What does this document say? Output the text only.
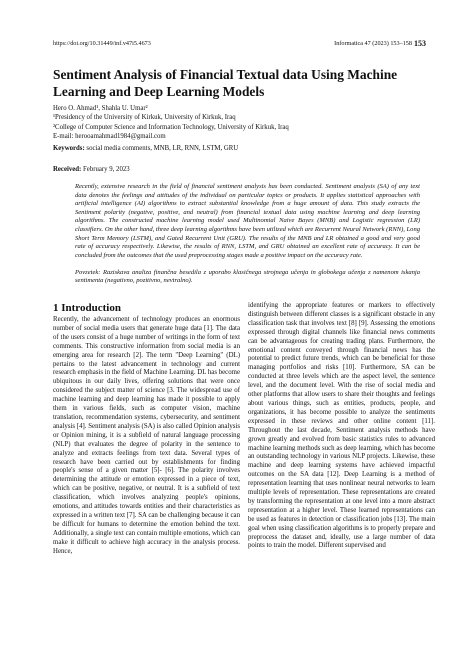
https://doi.org/10.31449/inf.v47i5.4673	Informatica 47 (2023) 153–158 153
Sentiment Analysis of Financial Textual data Using Machine Learning and Deep Learning Models
Hero O. Ahmad¹, Shahla U. Umar²
¹Presidency of the University of Kirkuk, University of Kirkuk, Iraq
²College of Computer Science and Information Technology, University of Kirkuk, Iraq
E-mail: herooamahmad1984@gmail.com
Keywords: social media comments, MNB, LR, RNN, LSTM, GRU
Received: February 9, 2023

Recently, extensive research in the field of financial sentiment analysis has been conducted. Sentiment analysis (SA) of any text data denotes the feelings and attitudes of the individual on particular topics or products. It applies statistical approaches with artificial intelligence (AI) algorithms to extract substantial knowledge from a huge amount of data. This study extracts the Sentiment polarity (negative, positive, and neutral) from financial textual data using machine learning and deep learning algorithms. The constructed machine learning model used Multinomial Naive Bayes (MNB) and Logistic regression (LR) classifiers. On the other hand, three deep learning algorithms have been utilized which are Recurrent Neural Network (RNN), Long Short Term Memory (LSTM), and Gated Recurrent Unit (GRU). The results of the MNB and LR obtained a good and very good rate of accuracy respectively. Likewise, the results of RNN, LSTM, and GRU obtained an excellent rate of accuracy. It can be concluded from the outcomes that the used preprocessing stages made a positive impact on the accuracy rate.

Povzetek: Raziskava analiza finančna besedila z uporabo klasičnega strojnega učenja in globokega učenja z namenom iskanja sentimenta (negativno, pozitivno, nevtralno).

1 Introduction

Recently, the advancement of technology produces an enormous number of social media users that generate huge data [1]. The data of the users consist of a huge number of writings in the form of text comments. This constructive information from social media is an emerging area for research [2]. The term "Deep Learning" (DL) pertains to the latest advancement in technology and current research emphasis in the field of Machine Learning. DL has become ubiquitous in our daily lives, offering solutions that were once considered the subject matter of science [3. The widespread use of machine learning and deep learning has made it possible to apply them in various fields, such as computer vision, machine translation, recommendation systems, cybersecurity, and sentiment analysis [4]. Sentiment analysis (SA) is also called Opinion analysis or Opinion mining, it is a subfield of natural language processing (NLP) that evaluates the degree of polarity in the sentence to analyze and extracts feelings from text data. Several types of research have been carried out by establishments for finding people's sense of a given matter [5]- [6]. The polarity involves determining the attitude or emotion expressed in a piece of text, which can be positive, negative, or neutral. It is a subfield of text classification, which involves analyzing people's opinions, emotions, and attitudes towards entities and their characteristics as expressed in a written text [7]. SA can be challenging because it can be difficult for humans to determine the emotion behind the text. Additionally, a single text can contain multiple emotions, which can make it difficult to achieve high accuracy in the analysis process. Hence,

identifying the appropriate features or markers to effectively distinguish between different classes is a significant obstacle in any classification task that involves text [8] [9]. Assessing the emotions expressed through digital channels like financial news comments can be advantageous for creating trading plans. Furthermore, the emotional content conveyed through financial news has the potential to predict future trends, which can be beneficial for those managing portfolios and risks [10]. Furthermore, SA can be conducted at three levels which are the aspect level, the sentence level, and the document level. With the rise of social media and other platforms that allow users to share their thoughts and feelings about various things, such as entities, products, people, and organizations, it has become possible to analyze the sentiments expressed in these reviews and other online content [11]. Throughout the last decade, Sentiment analysis methods have grown greatly and evolved from basic statistics rules to advanced machine learning methods such as deep learning, which has become an outstanding technology in various NLP projects. Likewise, these machine and deep learning systems have achieved impactful outcomes on the SA data [12]. Deep Learning is a method of representation learning that uses nonlinear neural networks to learn multiple levels of representation. These representations are created by transforming the representation at one level into a more abstract representation at a higher level. These learned representations can be used as features in detection or classification jobs [13]. The main goal when using classification algorithms is to properly prepare and preprocess the dataset and, ideally, use a large number of data points to train the model. Different supervised and
